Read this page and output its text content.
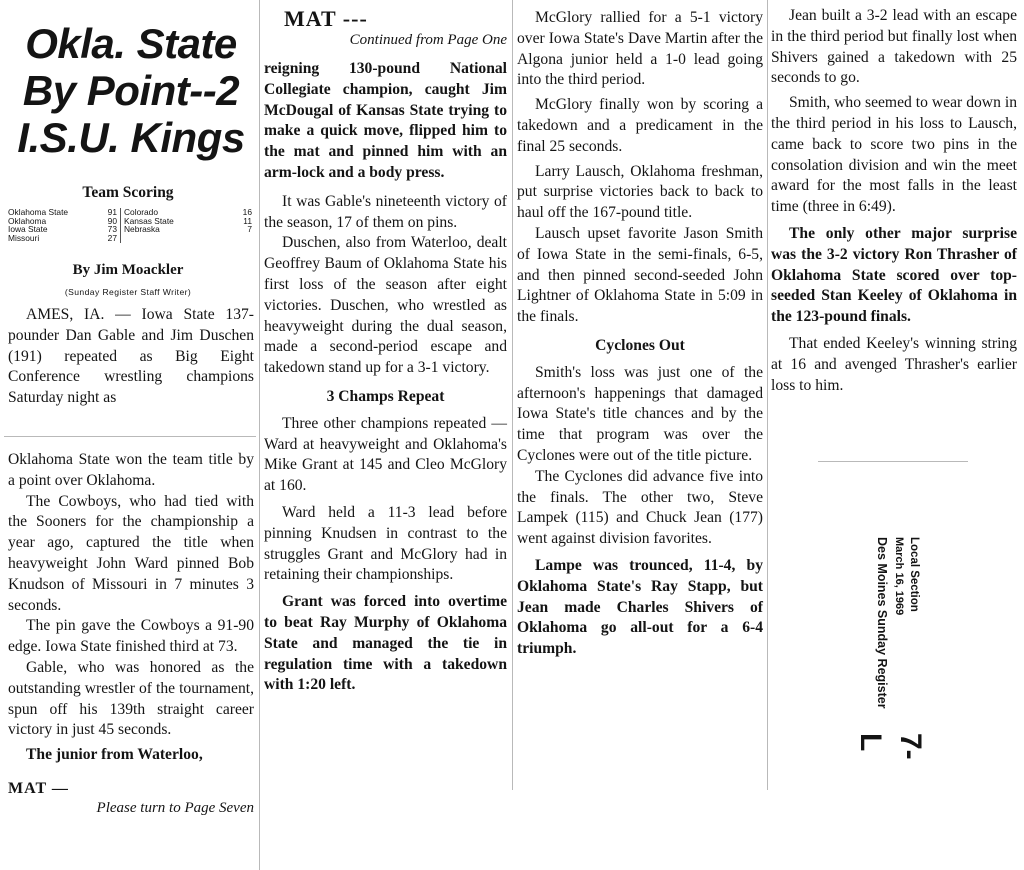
Okla. State
By Point--2
I.S.U. Kings
Team Scoring
Oklahoma State	91 Colorado	16
Oklahoma	90 Kansas State	11
Iowa State	73 Nebraska	7
Missouri	27
By Jim Moackler
(Sunday Register Staff Writer)

AMES, IA. — Iowa State 137-pounder Dan Gable and Jim Duschen (191) repeated as Big Eight Conference wrestling champions Saturday night as

Oklahoma State won the team title by a point over Oklahoma.

The Cowboys, who had tied with the Sooners for the championship a year ago, captured the title when heavyweight John Ward pinned Bob Knudson of Missouri in 7 minutes 3 seconds.

The pin gave the Cowboys a 91-90 edge. Iowa State finished third at 73.

Gable, who was honored as the outstanding wrestler of the tournament, spun off his 139th straight career victory in just 45 seconds.

The junior from Waterloo,

MAT —
Please turn to Page Seven
MAT ---
Continued from Page One

reigning 130-pound National Collegiate champion, caught Jim McDougal of Kansas State trying to make a quick move, flipped him to the mat and pinned him with an arm-lock and a body press.

It was Gable's nineteenth victory of the season, 17 of them on pins.

Duschen, also from Waterloo, dealt Geoffrey Baum of Oklahoma State his first loss of the season after eight victories. Duschen, who wrestled as heavyweight during the dual season, made a second-period escape and takedown stand up for a 3-1 victory.

3 Champs Repeat

Three other champions repeated — Ward at heavyweight and Oklahoma's Mike Grant at 145 and Cleo McGlory at 160.

Ward held a 11-3 lead before pinning Knudsen in contrast to the struggles Grant and McGlory had in retaining their championships.

Grant was forced into overtime to beat Ray Murphy of Oklahoma State and managed the tie in regulation time with a takedown with 1:20 left.

McGlory rallied for a 5-1 victory over Iowa State's Dave Martin after the Algona junior held a 1-0 lead going into the third period.

McGlory finally won by scoring a takedown and a predicament in the final 25 seconds.

Larry Lausch, Oklahoma freshman, put surprise victories back to back to haul off the 167-pound title.

Lausch upset favorite Jason Smith of Iowa State in the semi-finals, 6-5, and then pinned second-seeded John Lightner of Oklahoma State in 5:09 in the finals.

Cyclones Out

Smith's loss was just one of the afternoon's happenings that damaged Iowa State's title chances and by the time that program was over the Cyclones were out of the title picture.

The Cyclones did advance five into the finals. The other two, Steve Lampek (115) and Chuck Jean (177) went against division favorites.

Lampe was trounced, 11-4, by Oklahoma State's Ray Stapp, but Jean made Charles Shivers of Oklahoma go all-out for a 6-4 triumph.

Jean built a 3-2 lead with an escape in the third period but finally lost when Shivers gained a takedown with 25 seconds to go.

Smith, who seemed to wear down in the third period in his loss to Lausch, came back to score two pins in the consolation division and win the meet award for the most falls in the least time (three in 6:49).

The only other major surprise was the 3-2 victory Ron Thrasher of Oklahoma State scored over top-seeded Stan Keeley of Oklahoma in the 123-pound finals.

That ended Keeley's winning string at 16 and avenged Thrasher's earlier loss to him.

Des Moines Sunday Register March 16, 1969 Local Section
7-L
